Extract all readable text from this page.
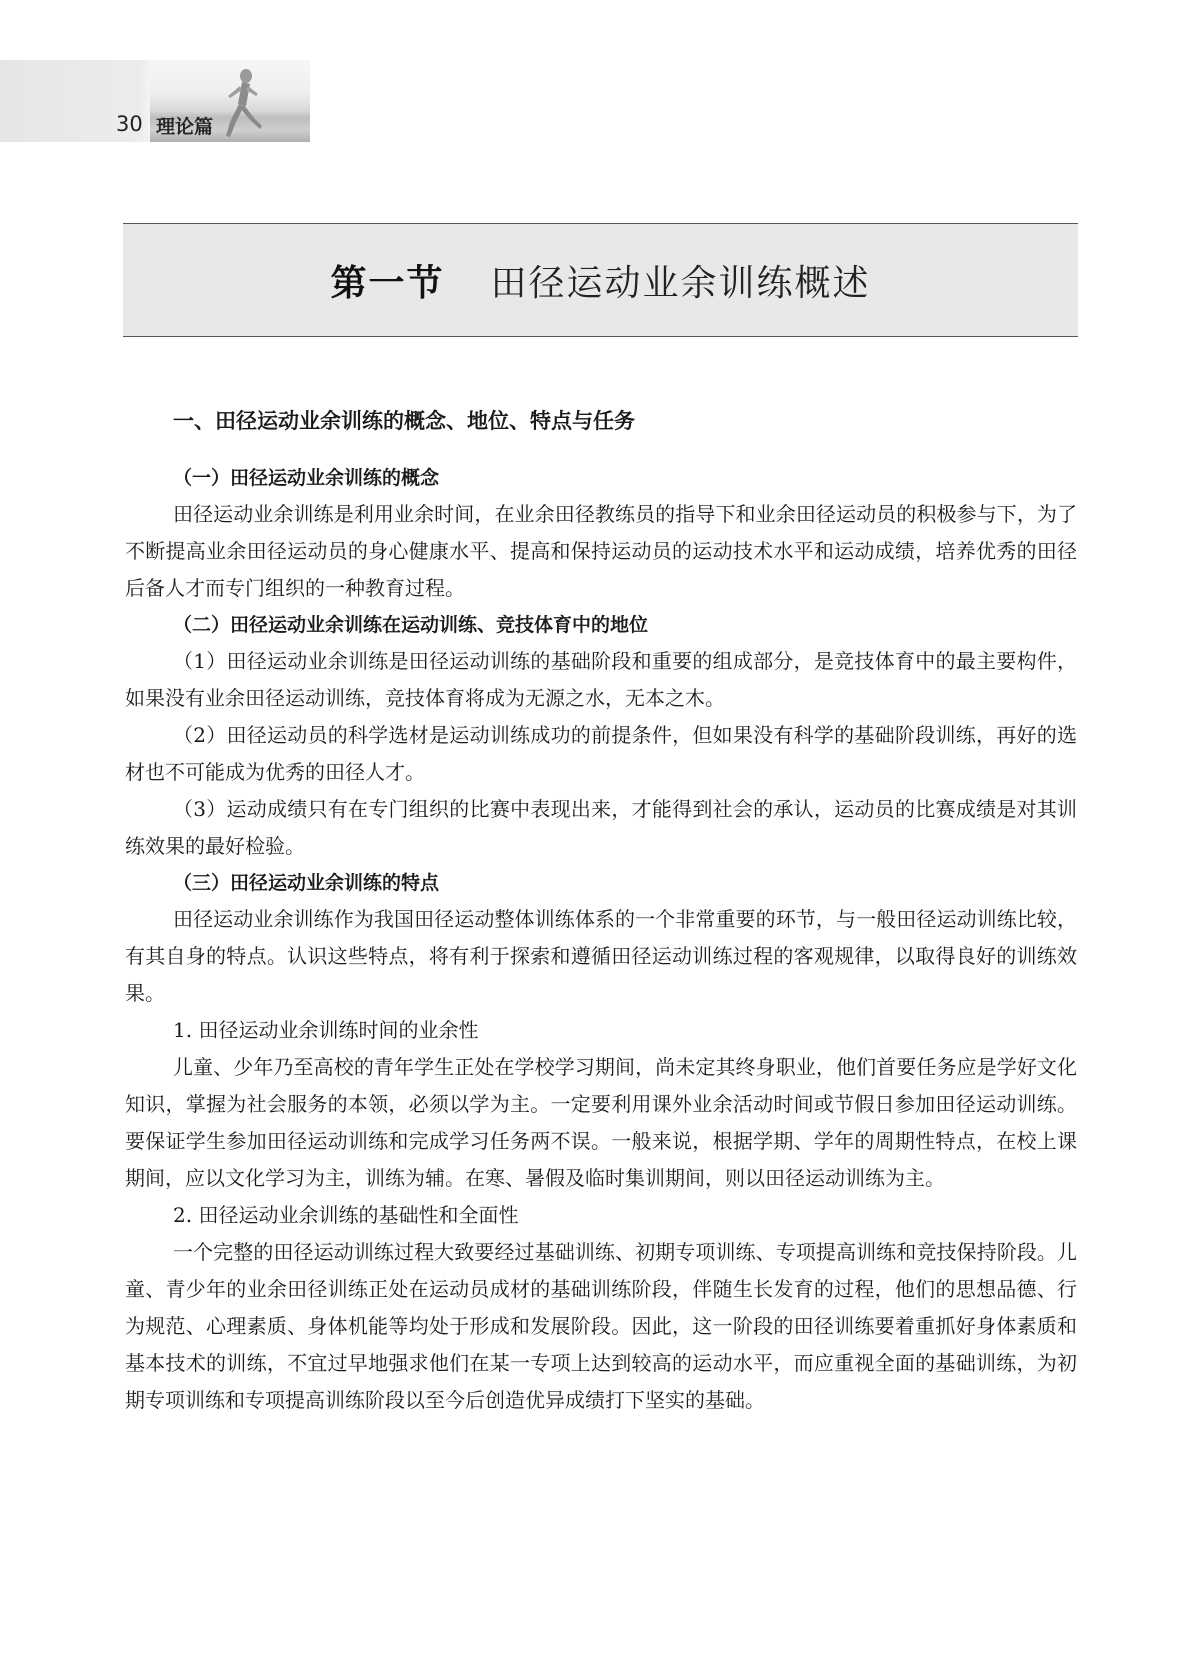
30 理论篇
第一节 田径运动业余训练概述
一、田径运动业余训练的概念、地位、特点与任务
（一）田径运动业余训练的概念

田径运动业余训练是利用业余时间，在业余田径教练员的指导下和业余田径运动员的积极参与下，为了不断提高业余田径运动员的身心健康水平、提高和保持运动员的运动技术水平和运动成绩，培养优秀的田径后备人才而专门组织的一种教育过程。

（二）田径运动业余训练在运动训练、竞技体育中的地位

（1）田径运动业余训练是田径运动训练的基础阶段和重要的组成部分，是竞技体育中的最主要构件，如果没有业余田径运动训练，竞技体育将成为无源之水，无本之木。

（2）田径运动员的科学选材是运动训练成功的前提条件，但如果没有科学的基础阶段训练，再好的选材也不可能成为优秀的田径人才。

（3）运动成绩只有在专门组织的比赛中表现出来，才能得到社会的承认，运动员的比赛成绩是对其训练效果的最好检验。

（三）田径运动业余训练的特点

田径运动业余训练作为我国田径运动整体训练体系的一个非常重要的环节，与一般田径运动训练比较，有其自身的特点。认识这些特点，将有利于探索和遵循田径运动训练过程的客观规律，以取得良好的训练效果。

1. 田径运动业余训练时间的业余性

儿童、少年乃至高校的青年学生正处在学校学习期间，尚未定其终身职业，他们首要任务应是学好文化知识，掌握为社会服务的本领，必须以学为主。一定要利用课外业余活动时间或节假日参加田径运动训练。要保证学生参加田径运动训练和完成学习任务两不误。一般来说，根据学期、学年的周期性特点，在校上课期间，应以文化学习为主，训练为辅。在寒、暑假及临时集训期间，则以田径运动训练为主。

2. 田径运动业余训练的基础性和全面性

一个完整的田径运动训练过程大致要经过基础训练、初期专项训练、专项提高训练和竞技保持阶段。儿童、青少年的业余田径训练正处在运动员成材的基础训练阶段，伴随生长发育的过程，他们的思想品德、行为规范、心理素质、身体机能等均处于形成和发展阶段。因此，这一阶段的田径训练要着重抓好身体素质和基本技术的训练，不宜过早地强求他们在某一专项上达到较高的运动水平，而应重视全面的基础训练，为初期专项训练和专项提高训练阶段以至今后创造优异成绩打下坚实的基础。
